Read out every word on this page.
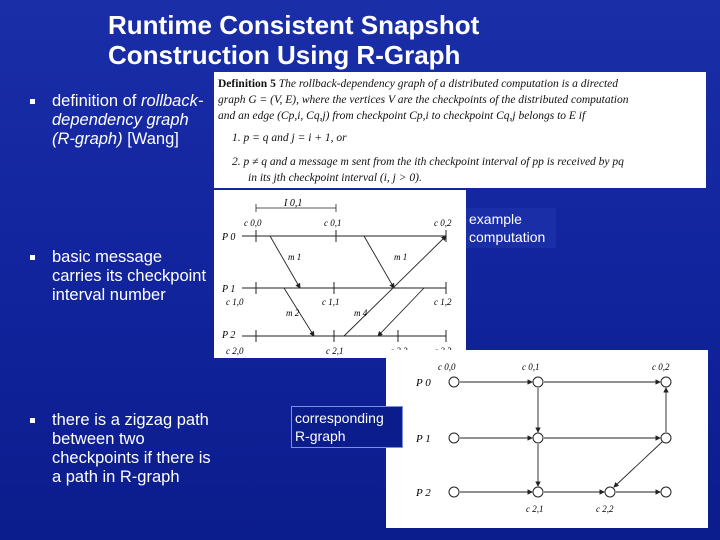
Runtime Consistent Snapshot
Construction Using R-Graph
definition of rollback-dependency graph (R-graph) [Wang]
basic message carries its checkpoint interval number
there is a zigzag path between two checkpoints if there is a path in R-graph
Definition 5 The rollback-dependency graph of a distributed computation is a directed
graph G = (V, E), where the vertices V are the checkpoints of the distributed computation
and an edge (Cp,i, Cq,j) from checkpoint Cp,i to checkpoint Cq,j belongs to E if
1. p = q and j = i + 1, or
2. p ≠ q and a message m sent from the ith checkpoint interval of pp is received by pq
in its jth checkpoint interval (i, j > 0).
I 0,1
P 0
P 1
P 2
c 0,0	c 0,1	c 0,2
c 1,0	c 1,1	c 1,2
c 2,0	c 2,1
m 1	m 1
m 2	m 4
example computation
P 0
P 1
P 2
c 0,0	c 0,1	c 0,2
c 2,1	c 2,2
corresponding R-graph
